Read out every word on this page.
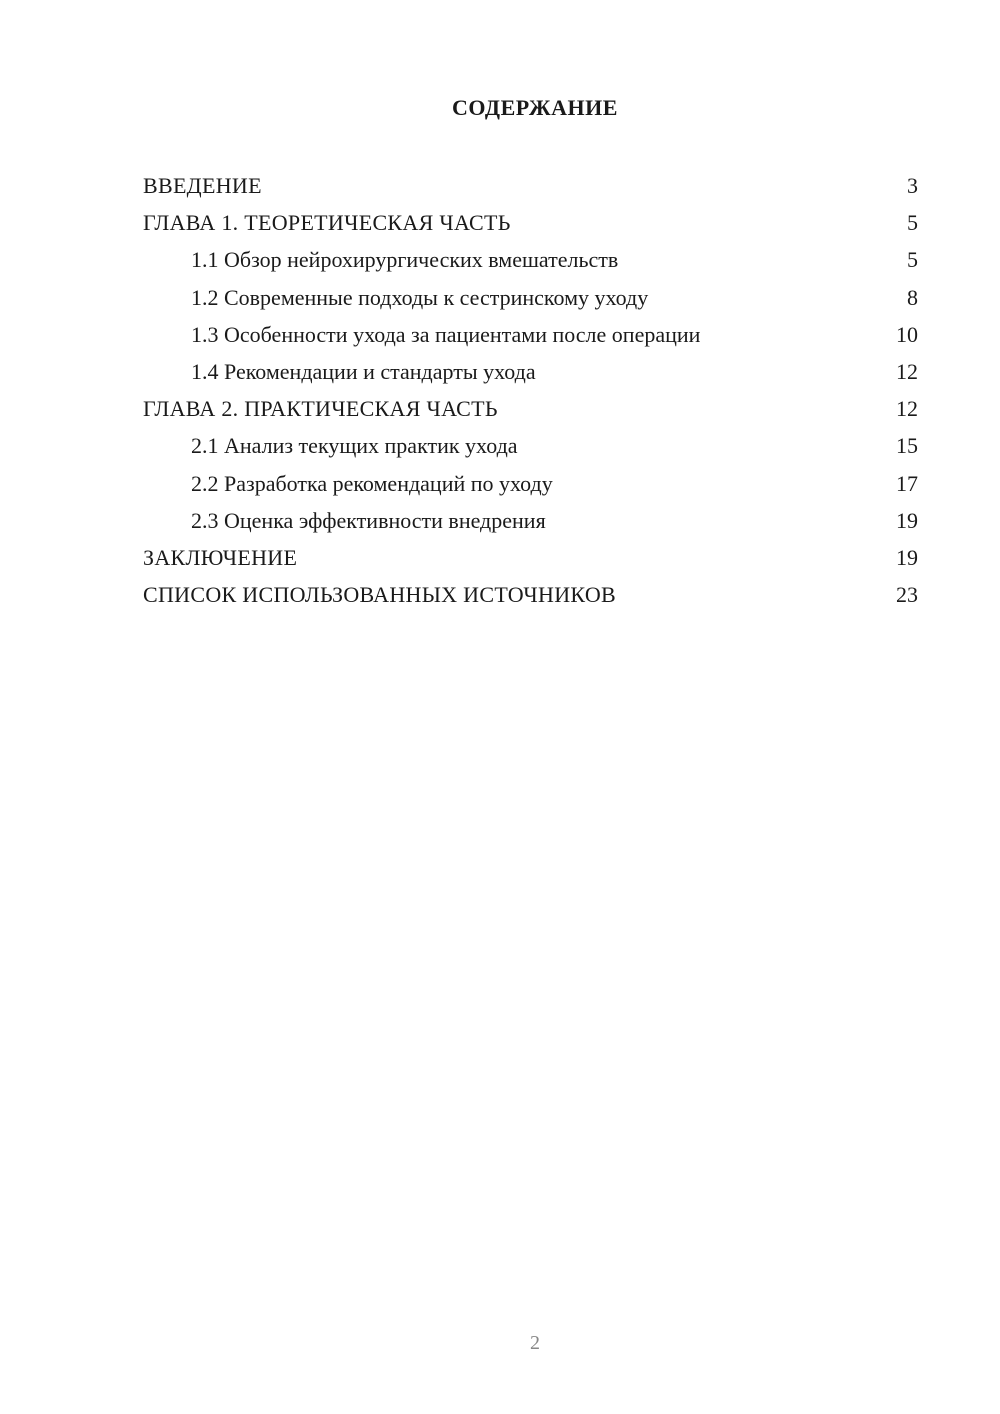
СОДЕРЖАНИЕ
ВВЕДЕНИЕ	3
ГЛАВА 1. ТЕОРЕТИЧЕСКАЯ ЧАСТЬ	5
1.1 Обзор нейрохирургических вмешательств	5
1.2 Современные подходы к сестринскому уходу	8
1.3 Особенности ухода за пациентами после операции	10
1.4 Рекомендации и стандарты ухода	12
ГЛАВА 2. ПРАКТИЧЕСКАЯ ЧАСТЬ	12
2.1 Анализ текущих практик ухода	15
2.2 Разработка рекомендаций по уходу	17
2.3 Оценка эффективности внедрения	19
ЗАКЛЮЧЕНИЕ	19
СПИСОК ИСПОЛЬЗОВАННЫХ ИСТОЧНИКОВ	23
2
